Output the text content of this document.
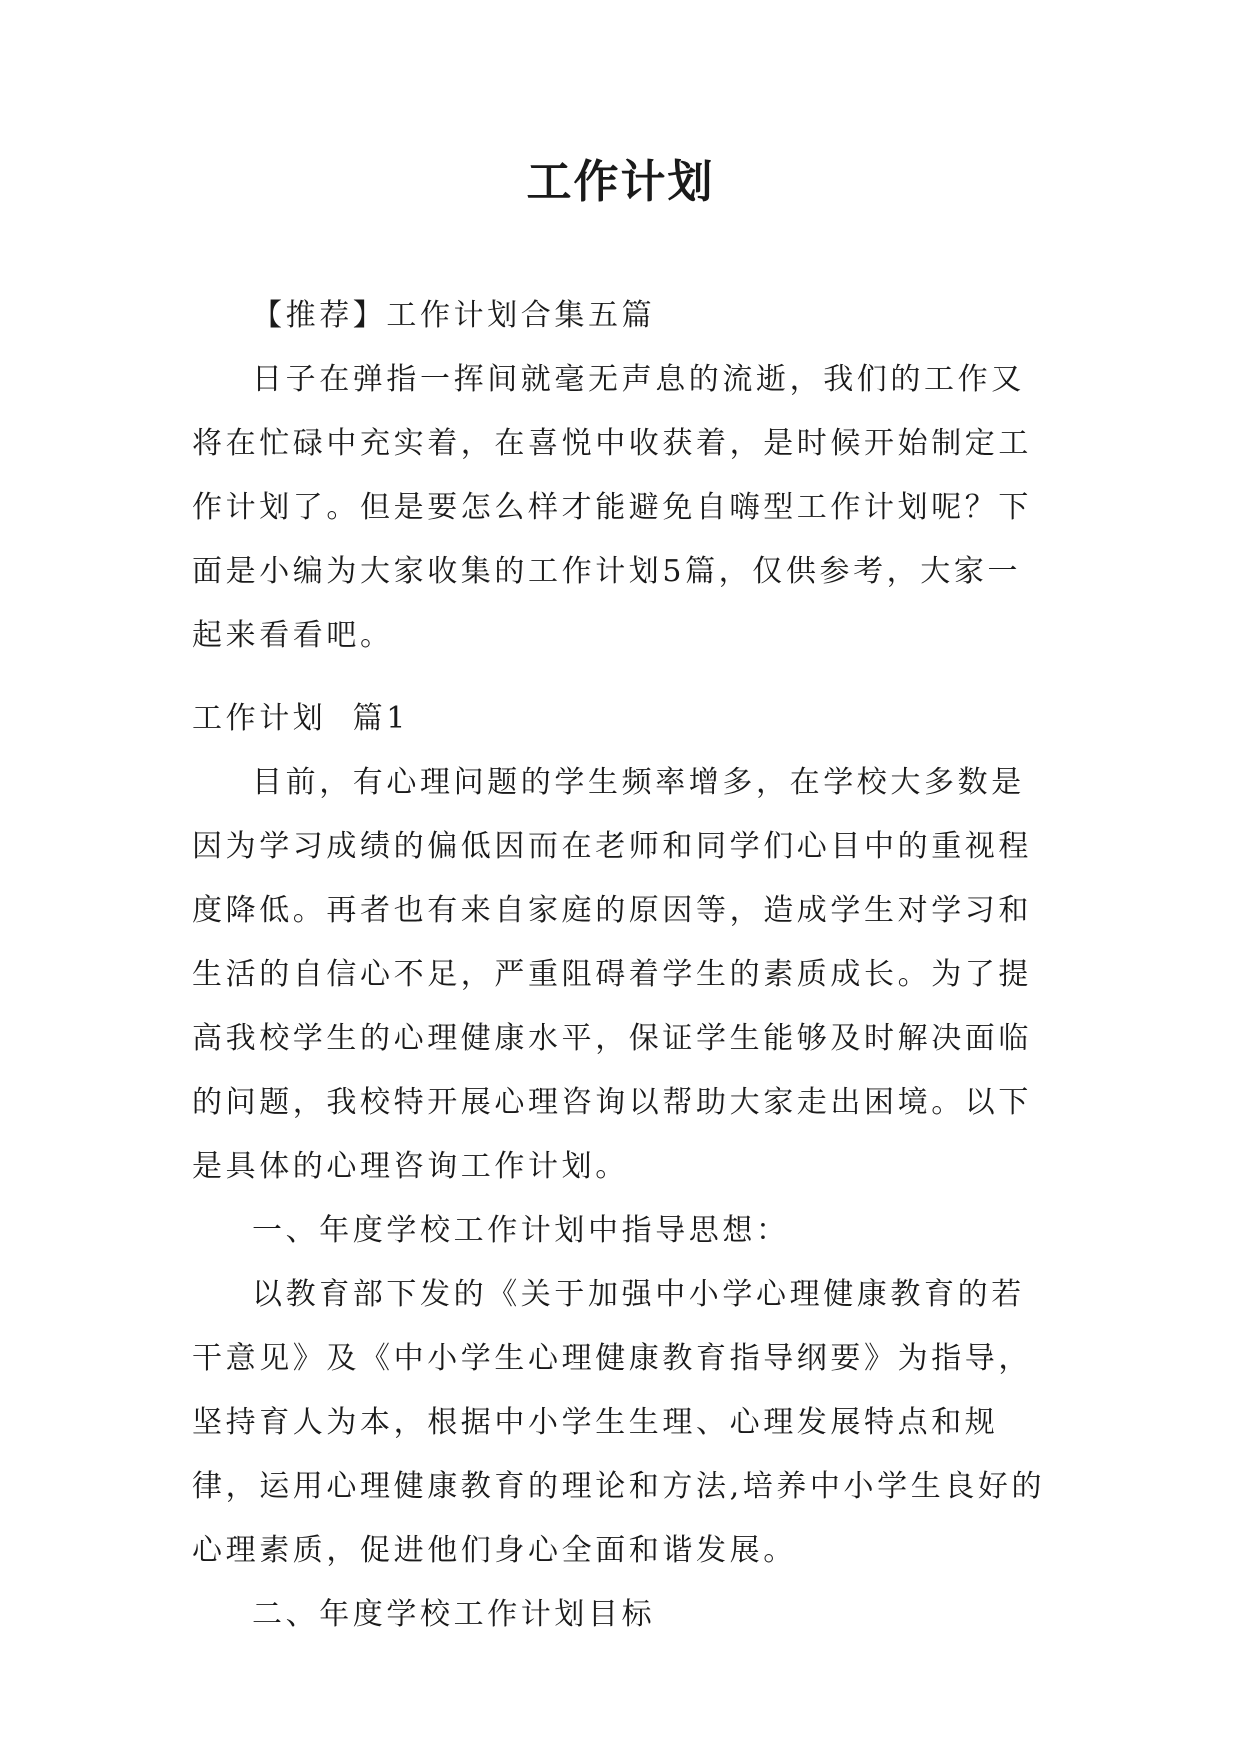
工作计划

【推荐】工作计划合集五篇

日子在弹指一挥间就毫无声息的流逝，我们的工作又将在忙碌中充实着，在喜悦中收获着，是时候开始制定工作计划了。但是要怎么样才能避免自嗨型工作计划呢？下面是小编为大家收集的工作计划5篇，仅供参考，大家一起来看看吧。

工作计划  篇1

目前，有心理问题的学生频率增多，在学校大多数是因为学习成绩的偏低因而在老师和同学们心目中的重视程度降低。再者也有来自家庭的原因等，造成学生对学习和生活的自信心不足，严重阻碍着学生的素质成长。为了提高我校学生的心理健康水平，保证学生能够及时解决面临的问题，我校特开展心理咨询以帮助大家走出困境。以下是具体的心理咨询工作计划。

一、年度学校工作计划中指导思想：

以教育部下发的《关于加强中小学心理健康教育的若干意见》及《中小学生心理健康教育指导纲要》为指导，坚持育人为本，根据中小学生生理、心理发展特点和规律，运用心理健康教育的理论和方法,培养中小学生良好的心理素质，促进他们身心全面和谐发展。

二、年度学校工作计划目标
